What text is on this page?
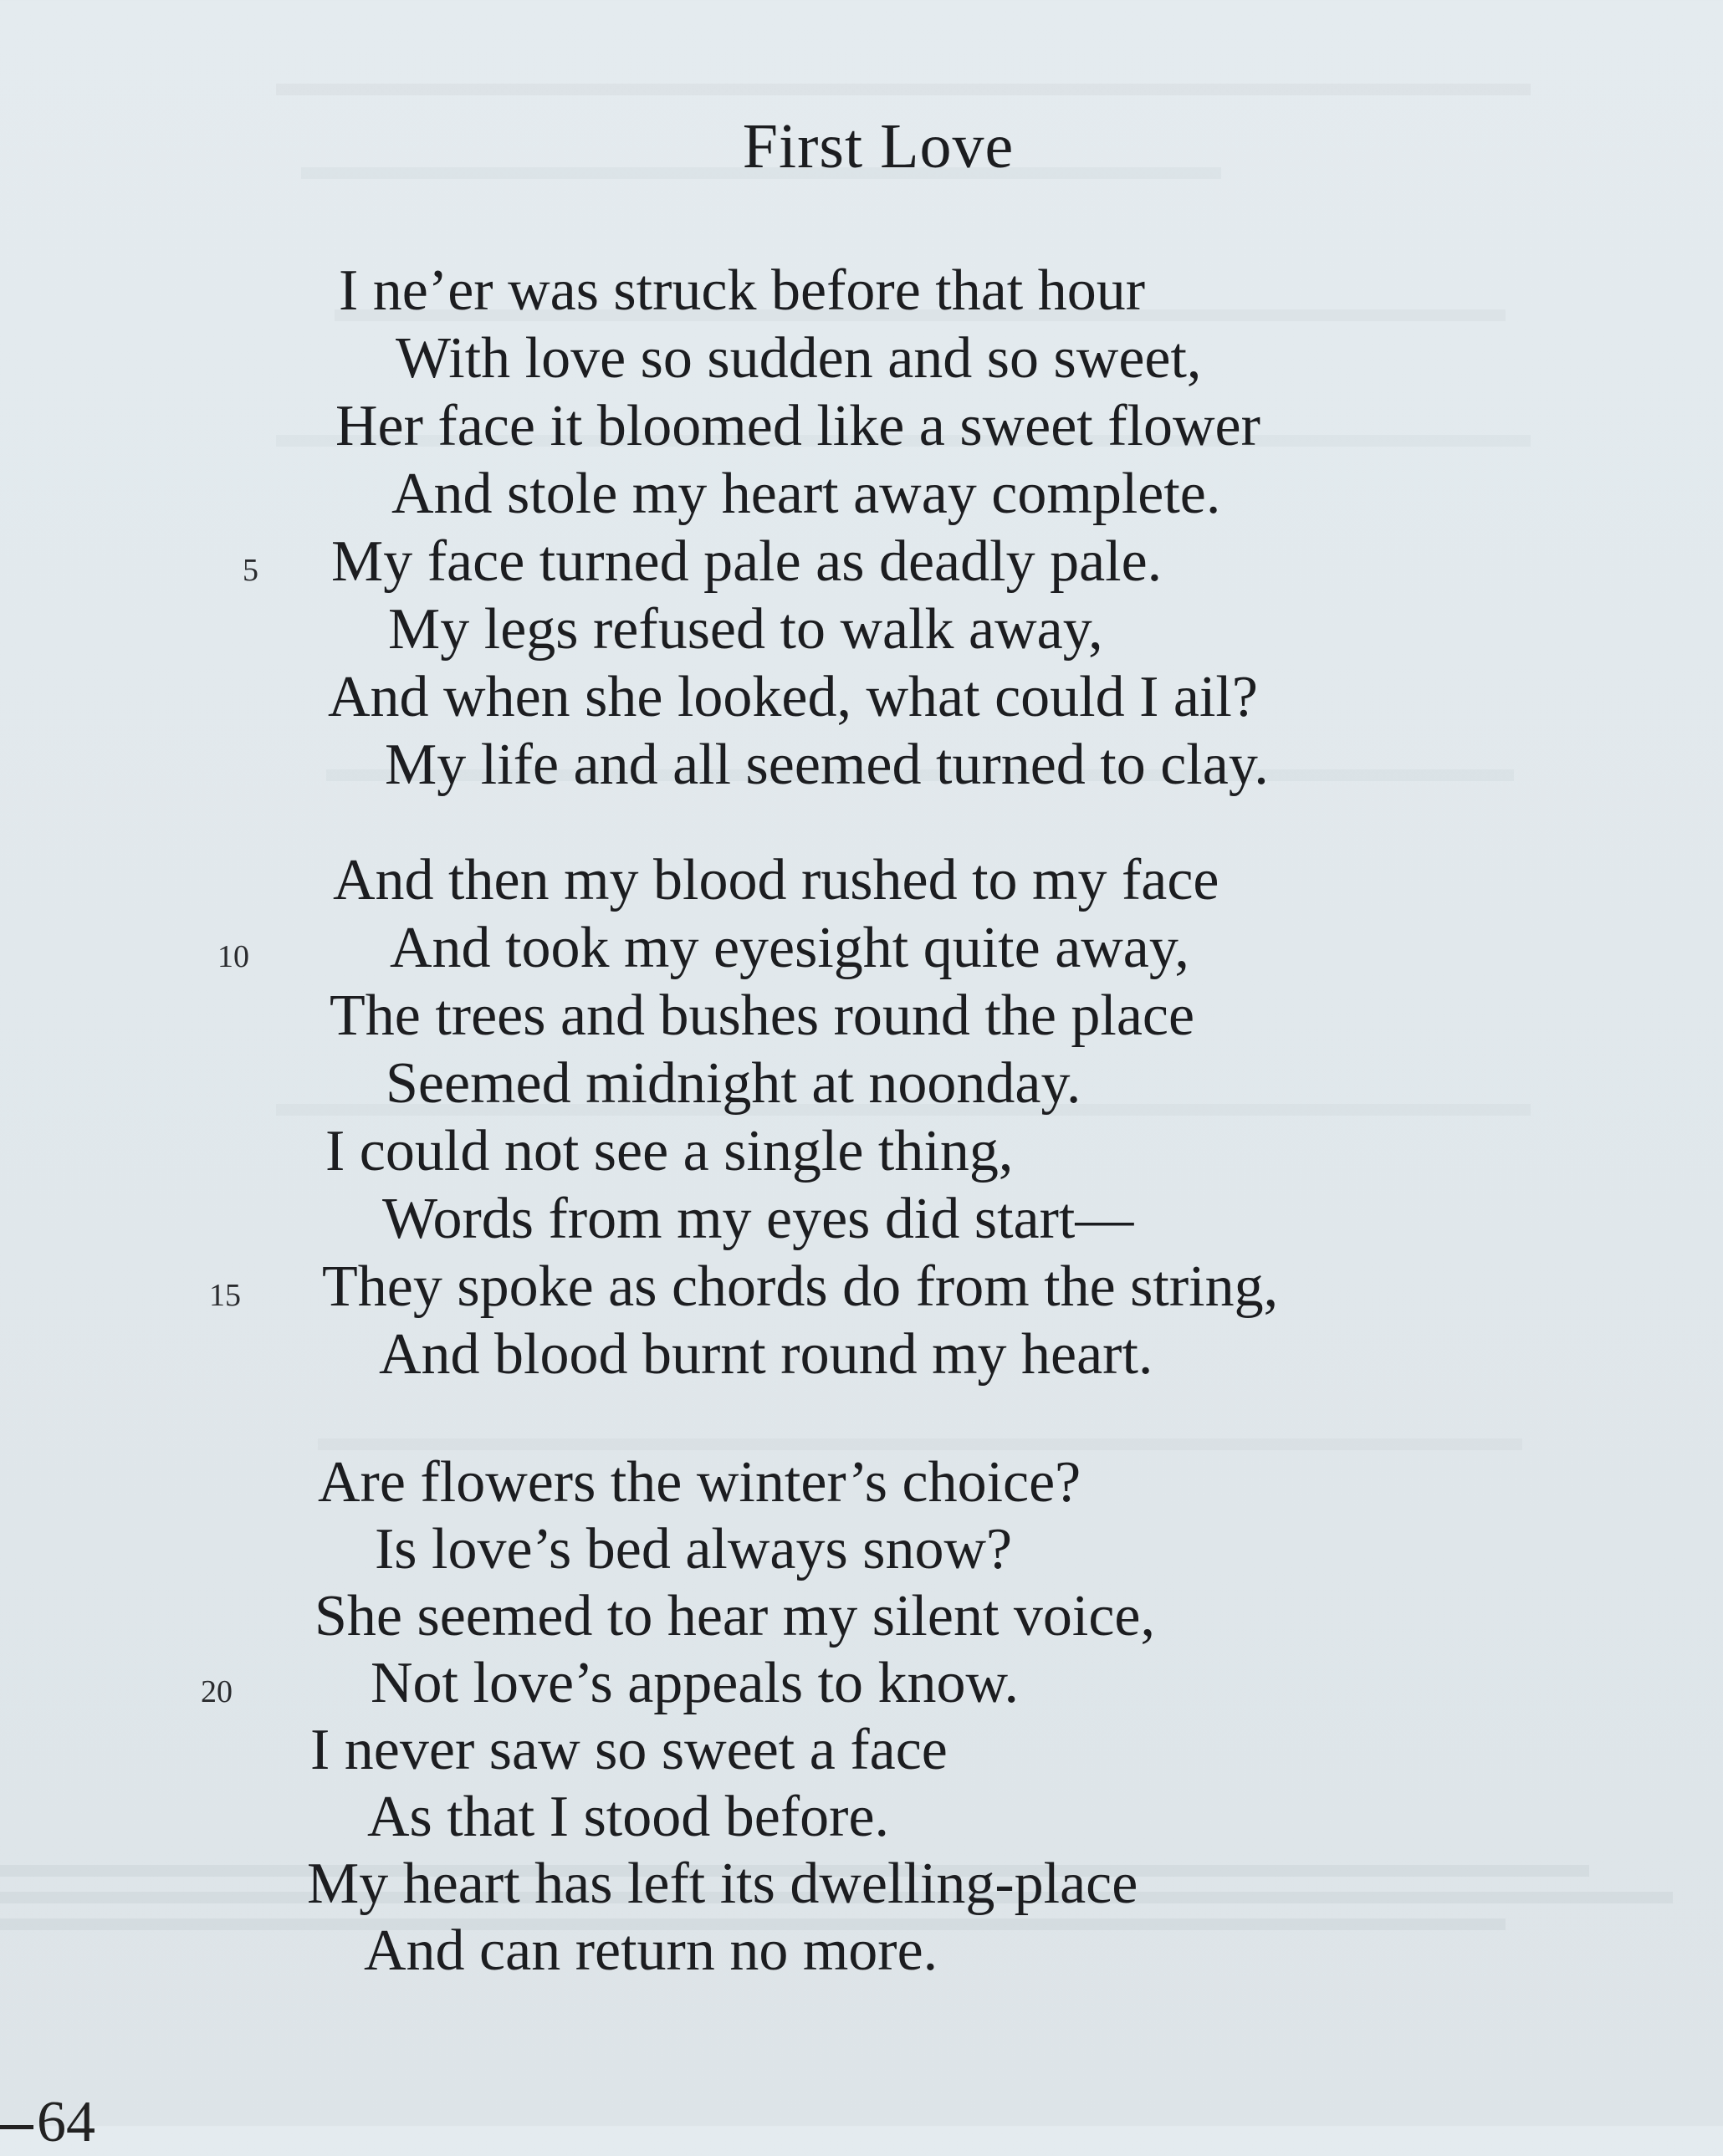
First Love
I ne’er was struck before that hour
With love so sudden and so sweet,
Her face it bloomed like a sweet flower
And stole my heart away complete.
My face turned pale as deadly pale.
5
My legs refused to walk away,
And when she looked, what could I ail?
My life and all seemed turned to clay.
And then my blood rushed to my face
And took my eyesight quite away,
10
The trees and bushes round the place
Seemed midnight at noonday.
I could not see a single thing,
Words from my eyes did start—
They spoke as chords do from the string,
15
And blood burnt round my heart.
Are flowers the winter’s choice?
Is love’s bed always snow?
She seemed to hear my silent voice,
Not love’s appeals to know.
20
I never saw so sweet a face
As that I stood before.
My heart has left its dwelling-place
And can return no more.
64
